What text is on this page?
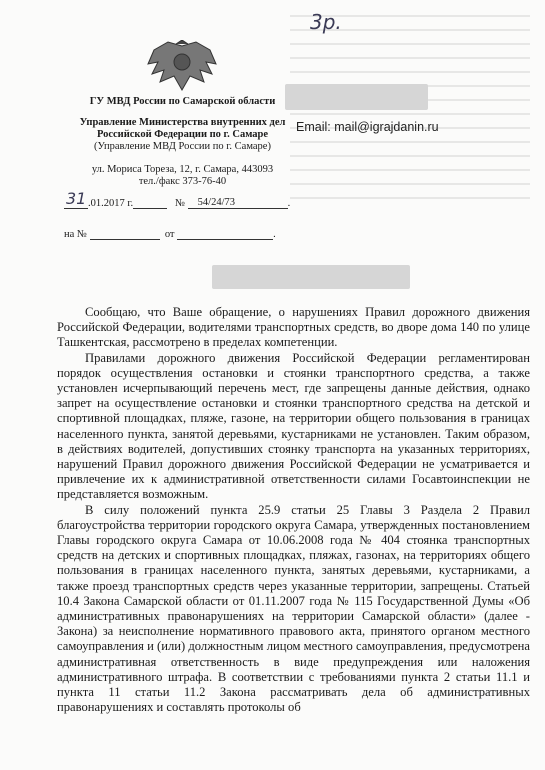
3р.
ГУ МВД России по Самарской области
Email: mail@igrajdanin.ru
Управление Министерства внутренних дел
Российской Федерации по г. Самаре
(Управление МВД России по г. Самаре)
ул. Мориса Тореза, 12, г. Самара, 443093
тел./факс 373-76-40
31 .01.2017 г.	№ 54/24/73	.
на №	от	.

Сообщаю, что Ваше обращение, о нарушениях Правил дорожного движения Российской Федерации, водителями транспортных средств, во дворе дома 140 по улице Ташкентская, рассмотрено в пределах компетенции.

Правилами дорожного движения Российской Федерации регламентирован порядок осуществления остановки и стоянки транспортного средства, а также установлен исчерпывающий перечень мест, где запрещены данные действия, однако запрет на осуществление остановки и стоянки транспортного средства на детской и спортивной площадках, пляже, газоне, на территории общего пользования в границах населенного пункта, занятой деревьями, кустарниками не установлен. Таким образом, в действиях водителей, допустивших стоянку транспорта на указанных территориях, нарушений Правил дорожного движения Российской Федерации не усматривается и привлечение их к административной ответственности силами Госавтоинспекции не представляется возможным.

В силу положений пункта 25.9 статьи 25 Главы 3 Раздела 2 Правил благоустройства территории городского округа Самара, утвержденных постановлением Главы городского округа Самара от 10.06.2008 года № 404 стоянка транспортных средств на детских и спортивных площадках, пляжах, газонах, на территориях общего пользования в границах населенного пункта, занятых деревьями, кустарниками, а также проезд транспортных средств через указанные территории, запрещены. Статьей 10.4 Закона Самарской области от 01.11.2007 года № 115 Государственной Думы «Об административных правонарушениях на территории Самарской области» (далее - Закона) за неисполнение нормативного правового акта, принятого органом местного самоуправления и (или) должностным лицом местного самоуправления, предусмотрена административная ответственность в виде предупреждения или наложения административного штрафа. В соответствии с требованиями пункта 2 статьи 11.1 и пункта 11 статьи 11.2 Закона рассматривать дела об административных правонарушениях и составлять протоколы об
